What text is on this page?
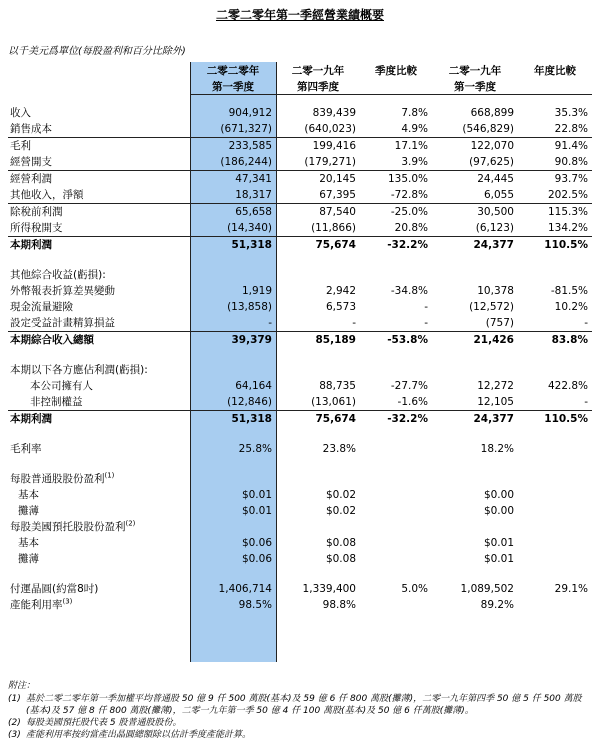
二零二零年第一季經營業績概要
以千美元爲單位(每股盈利和百分比除外)
	二零二零年	二零一九年	季度比較	二零一九年	年度比較
	第一季度	第四季度		第一季度	

收入	904,912	839,439	7.8%	668,899	35.3%
銷售成本	(671,327)	(640,023)	4.9%	(546,829)	22.8%
毛利	233,585	199,416	17.1%	122,070	91.4%
經營開支	(186,244)	(179,271)	3.9%	(97,625)	90.8%
經營利潤	47,341	20,145	135.0%	24,445	93.7%
其他收入，淨額	18,317	67,395	-72.8%	6,055	202.5%
除稅前利潤	65,658	87,540	-25.0%	30,500	115.3%
所得稅開支	(14,340)	(11,866)	20.8%	(6,123)	134.2%
本期利潤	51,318	75,674	-32.2%	24,377	110.5%

其他綜合收益(虧損):					
外幣報表折算差異變動	1,919	2,942	-34.8%	10,378	-81.5%
現金流量避險	(13,858)	6,573	-	(12,572)	10.2%
設定受益計畫精算損益	-	-	-	(757)	-
本期綜合收入總額	39,379	85,189	-53.8%	21,426	83.8%

本期以下各方應佔利潤(虧損):					
本公司擁有人	64,164	88,735	-27.7%	12,272	422.8%
非控制權益	(12,846)	(13,061)	-1.6%	12,105	-
本期利潤	51,318	75,674	-32.2%	24,377	110.5%

毛利率	25.8%	23.8%		18.2%	

每股普通股股份盈利$^{(1)}$					
基本	$0.01	$0.02		$0.00	
攤薄	$0.01	$0.02		$0.00	
每股美國預托股股份盈利$^{(2)}$					
基本	$0.06	$0.08		$0.01	
攤薄	$0.06	$0.08		$0.01	

付運晶圓(約當8吋)	1,406,714	1,339,400	5.0%	1,089,502	29.1%
產能利用率$^{(3)}$	98.5%	98.8%		89.2%	
附注：
(1) 基於二零二零年第一季加權平均普通股 50 億 9 仟 500 萬股(基本)及 59 億 6 仟 800 萬股(攤薄)，二零一九年第四季 50 億 5 仟 500 萬股(基本)及 57 億 8 仟 800 萬股(攤薄)，二零一九年第一季 50 億 4 仟 100 萬股(基本)及 50 億 6 仟萬股(攤薄)。
(2) 每股美國預托股代表 5 股普通股股份。
(3) 產能利用率按約當產出晶圓總額除以估計季度產能計算。
